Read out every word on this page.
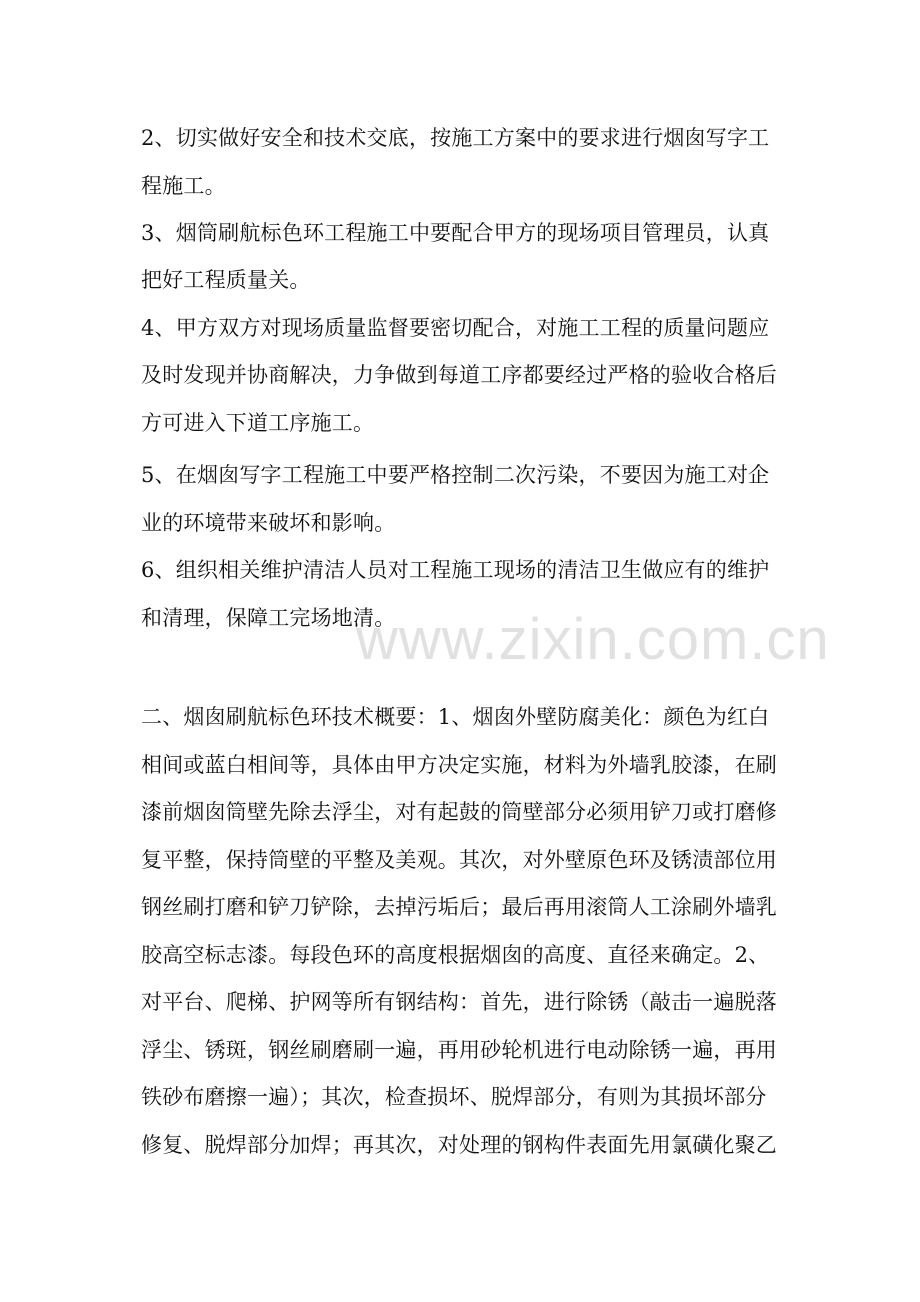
2、切实做好安全和技术交底，按施工方案中的要求进行烟囱写字工
程施工。
3、烟筒刷航标色环工程施工中要配合甲方的现场项目管理员，认真
把好工程质量关。
4、甲方双方对现场质量监督要密切配合，对施工工程的质量问题应
及时发现并协商解决，力争做到每道工序都要经过严格的验收合格后
方可进入下道工序施工。
5、在烟囱写字工程施工中要严格控制二次污染，不要因为施工对企
业的环境带来破坏和影响。
6、组织相关维护清洁人员对工程施工现场的清洁卫生做应有的维护
和清理，保障工完场地清。
二、烟囱刷航标色环技术概要：1、烟囱外壁防腐美化：颜色为红白
相间或蓝白相间等，具体由甲方决定实施，材料为外墙乳胶漆，在刷
漆前烟囱筒壁先除去浮尘，对有起鼓的筒壁部分必须用铲刀或打磨修
复平整，保持筒壁的平整及美观。其次，对外壁原色环及锈渍部位用
钢丝刷打磨和铲刀铲除，去掉污垢后；最后再用滚筒人工涂刷外墙乳
胶高空标志漆。每段色环的高度根据烟囱的高度、直径来确定。2、
对平台、爬梯、护网等所有钢结构：首先，进行除锈（敲击一遍脱落
浮尘、锈斑，钢丝刷磨刷一遍，再用砂轮机进行电动除锈一遍，再用
铁砂布磨擦一遍）；其次，检查损坏、脱焊部分，有则为其损坏部分
修复、脱焊部分加焊；再其次，对处理的钢构件表面先用氯磺化聚乙
www.zixin.com.cn
